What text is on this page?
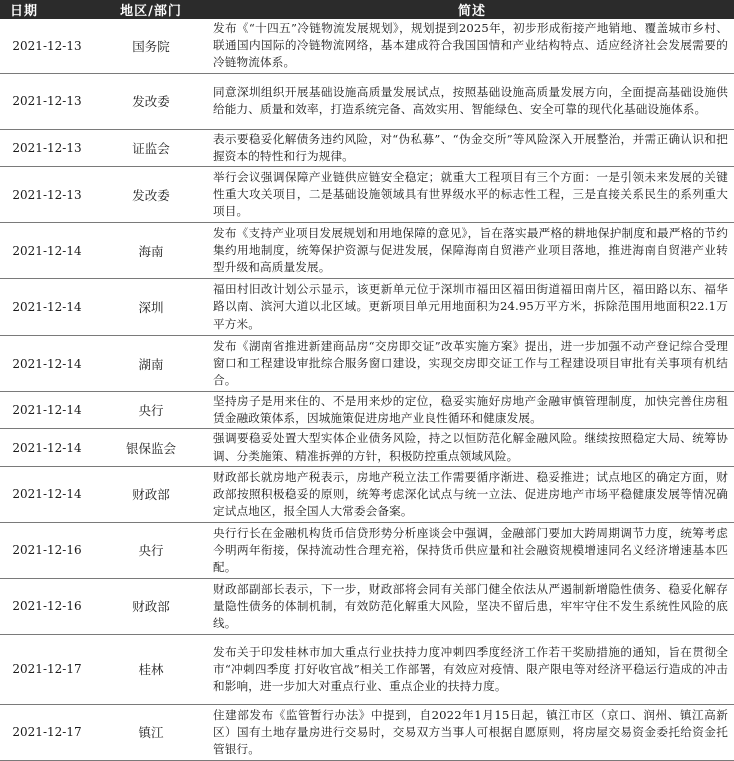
日期	地区/部门	简述
2021-12-13	国务院	发布《“十四五”冷链物流发展规划》，规划提到2025年，初步形成衔接产地销地、覆盖城市乡村、联通国内国际的冷链物流网络，基本建成符合我国国情和产业结构特点、适应经济社会发展需要的冷链物流体系。
2021-12-13	发改委	同意深圳组织开展基础设施高质量发展试点，按照基础设施高质量发展方向，全面提高基础设施供给能力、质量和效率，打造系统完备、高效实用、智能绿色、安全可靠的现代化基础设施体系。
2021-12-13	证监会	表示要稳妥化解债务违约风险，对“伪私募”、“伪金交所”等风险深入开展整治，并需正确认识和把握资本的特性和行为规律。
2021-12-13	发改委	举行会议强调保障产业链供应链安全稳定；就重大工程项目有三个方面：一是引领未来发展的关键性重大攻关项目，二是基础设施领域具有世界级水平的标志性工程，三是直接关系民生的系列重大项目。
2021-12-14	海南	发布《支持产业项目发展规划和用地保障的意见》，旨在落实最严格的耕地保护制度和最严格的节约集约用地制度，统筹保护资源与促进发展，保障海南自贸港产业项目落地，推进海南自贸港产业转型升级和高质量发展。
2021-12-14	深圳	福田村旧改计划公示显示，该更新单元位于深圳市福田区福田街道福田南片区，福田路以东、福华路以南、滨河大道以北区域。更新项目单元用地面积为24.95万平方米，拆除范围用地面积22.1万平方米。
2021-12-14	湖南	发布《湖南省推进新建商品房“交房即交证”改革实施方案》提出，进一步加强不动产登记综合受理窗口和工程建设审批综合服务窗口建设，实现交房即交证工作与工程建设项目审批有关事项有机结合。
2021-12-14	央行	坚持房子是用来住的、不是用来炒的定位，稳妥实施好房地产金融审慎管理制度，加快完善住房租赁金融政策体系，因城施策促进房地产业良性循环和健康发展。
2021-12-14	银保监会	强调要稳妥处置大型实体企业债务风险，持之以恒防范化解金融风险。继续按照稳定大局、统筹协调、分类施策、精准拆弹的方针，积极防控重点领域风险。
2021-12-14	财政部	财政部长就房地产税表示，房地产税立法工作需要循序渐进、稳妥推进；试点地区的确定方面，财政部按照积极稳妥的原则，统筹考虑深化试点与统一立法、促进房地产市场平稳健康发展等情况确定试点地区，报全国人大常委会备案。
2021-12-16	央行	央行行长在金融机构货币信贷形势分析座谈会中强调，金融部门要加大跨周期调节力度，统筹考虑今明两年衔接，保持流动性合理充裕，保持货币供应量和社会融资规模增速同名义经济增速基本匹配。
2021-12-16	财政部	财政部副部长表示，下一步，财政部将会同有关部门健全依法从严遏制新增隐性债务、稳妥化解存量隐性债务的体制机制，有效防范化解重大风险，坚决不留后患，牢牢守住不发生系统性风险的底线。
2021-12-17	桂林	发布关于印发桂林市加大重点行业扶持力度冲刺四季度经济工作若干奖励措施的通知，旨在贯彻全市“冲刺四季度 打好收官战”相关工作部署，有效应对疫情、限产限电等对经济平稳运行造成的冲击和影响，进一步加大对重点行业、重点企业的扶持力度。
2021-12-17	镇江	住建部发布《监管暂行办法》中提到，自2022年1月15日起，镇江市区（京口、润州、镇江高新区）国有土地存量房进行交易时，交易双方当事人可根据自愿原则，将房屋交易资金委托给资金托管银行。
